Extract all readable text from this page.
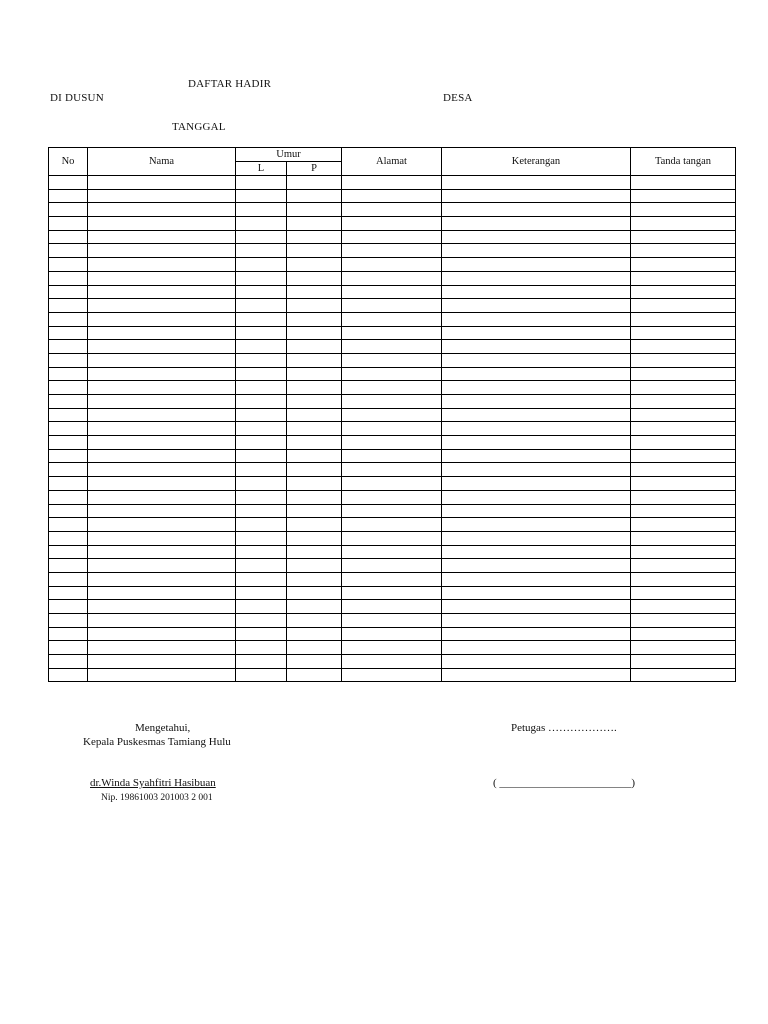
DAFTAR HADIR
DI DUSUN	DESA
TANGGAL
No	Nama	Umur		Alamat	Keterangan	Tanda tangan
		L	P			

Mengetahui,
Kepala Puskesmas Tamiang Hulu
Petugas ……………….
dr.Winda Syahfitri Hasibuan
Nip. 19861003 201003 2 001
( ________________________)
